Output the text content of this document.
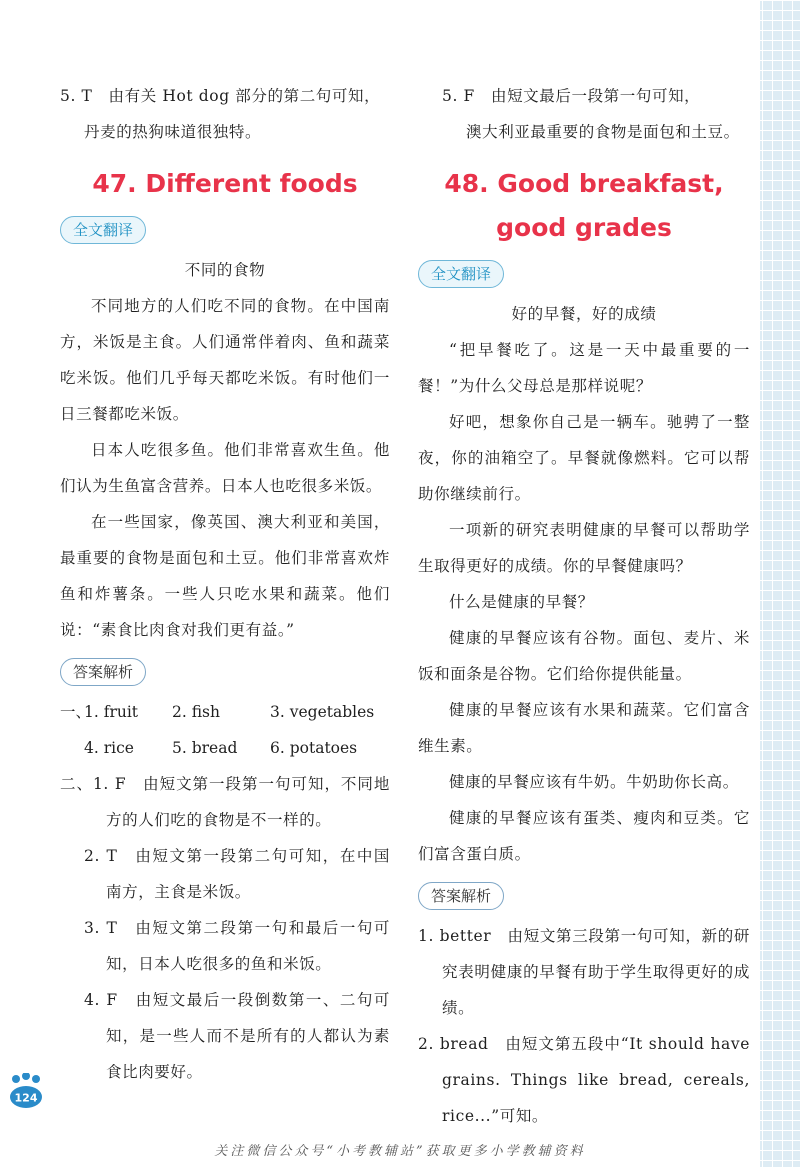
5. T　由有关 Hot dog 部分的第二句可知，

丹麦的热狗味道很独特。

47. Different foods
全文翻译

不同的食物

不同地方的人们吃不同的食物。在中国南方，米饭是主食。人们通常伴着肉、鱼和蔬菜吃米饭。他们几乎每天都吃米饭。有时他们一日三餐都吃米饭。

日本人吃很多鱼。他们非常喜欢生鱼。他们认为生鱼富含营养。日本人也吃很多米饭。

在一些国家，像英国、澳大利亚和美国，最重要的食物是面包和土豆。他们非常喜欢炸鱼和炸薯条。一些人只吃水果和蔬菜。他们说：“素食比肉食对我们更有益。”

答案解析
一、
1. fruit	2. fish	3. vegetables
4. rice	5. bread	6. potatoes

二、1. F　由短文第一段第一句可知，不同地方的人们吃的食物是不一样的。

2. T　由短文第一段第二句可知，在中国南方，主食是米饭。

3. T　由短文第二段第一句和最后一句可知，日本人吃很多的鱼和米饭。

4. F　由短文最后一段倒数第一、二句可知，是一些人而不是所有的人都认为素食比肉要好。

5. F　由短文最后一段第一句可知，

澳大利亚最重要的食物是面包和土豆。

48. Good breakfast, good grades
全文翻译

好的早餐，好的成绩

“把早餐吃了。这是一天中最重要的一餐！”为什么父母总是那样说呢？

好吧，想象你自己是一辆车。驰骋了一整夜，你的油箱空了。早餐就像燃料。它可以帮助你继续前行。

一项新的研究表明健康的早餐可以帮助学生取得更好的成绩。你的早餐健康吗？

什么是健康的早餐？

健康的早餐应该有谷物。面包、麦片、米饭和面条是谷物。它们给你提供能量。

健康的早餐应该有水果和蔬菜。它们富含维生素。

健康的早餐应该有牛奶。牛奶助你长高。

健康的早餐应该有蛋类、瘦肉和豆类。它们富含蛋白质。

答案解析

1. better　由短文第三段第一句可知，新的研究表明健康的早餐有助于学生取得更好的成绩。

2. bread　由短文第五段中“It should have grains. Things like bread, cereals, rice...”可知。

124
关注微信公众号“小考教辅站”获取更多小学教辅资料
